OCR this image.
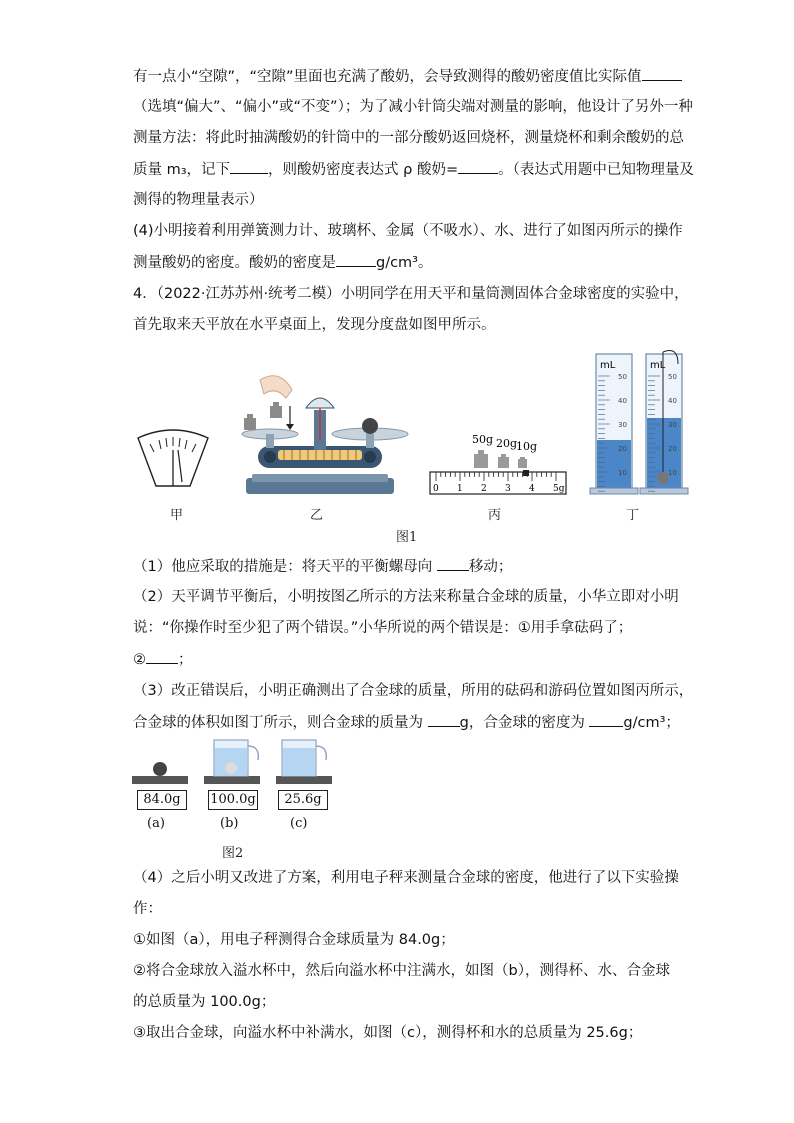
有一点小“空隙”，“空隙”里面也充满了酸奶，会导致测得的酸奶密度值比实际值
（选填“偏大”、“偏小”或“不变”）；为了减小针筒尖端对测量的影响，他设计了另外一种
测量方法：将此时抽满酸奶的针筒中的一部分酸奶返回烧杯，测量烧杯和剩余酸奶的总
质量 m₃，记下	，则酸奶密度表达式 ρ 酸奶=	。（表达式用题中已知物理量及
测得的物理量表示）
(4)小明接着利用弹簧测力计、玻璃杯、金属（不吸水）、水、进行了如图丙所示的操作
测量酸奶的密度。酸奶的密度是	g/cm³。
4．（2022·江苏苏州·统考二模）小明同学在用天平和量筒测固体合金球密度的实验中，
首先取来天平放在水平桌面上，发现分度盘如图甲所示。
50g 20g
10g
mL	mL
50
40
30
20
10
50
40
30
20
10
0 1 2 3 4 5g
甲	乙	丙	丁
图1
（1）他应采取的措施是：将天平的平衡螺母向 移动；
（2）天平调节平衡后，小明按图乙所示的方法来称量合金球的质量，小华立即对小明
说：“你操作时至少犯了两个错误。”小华所说的两个错误是：①用手拿砝码了；
② ；
（3）改正错误后，小明正确测出了合金球的质量，所用的砝码和游码位置如图丙所示，
合金球的体积如图丁所示，则合金球的质量为 g，合金球的密度为 g/cm³；
84.0g	100.0g	25.6g
(a)	(b)	(c)
图2
（4）之后小明又改进了方案，利用电子秤来测量合金球的密度，他进行了以下实验操
作：
①如图（a），用电子秤测得合金球质量为 84.0g；
②将合金球放入溢水杯中，然后向溢水杯中注满水，如图（b），测得杯、水、合金球
的总质量为 100.0g；
③取出合金球，向溢水杯中补满水，如图（c），测得杯和水的总质量为 25.6g；
